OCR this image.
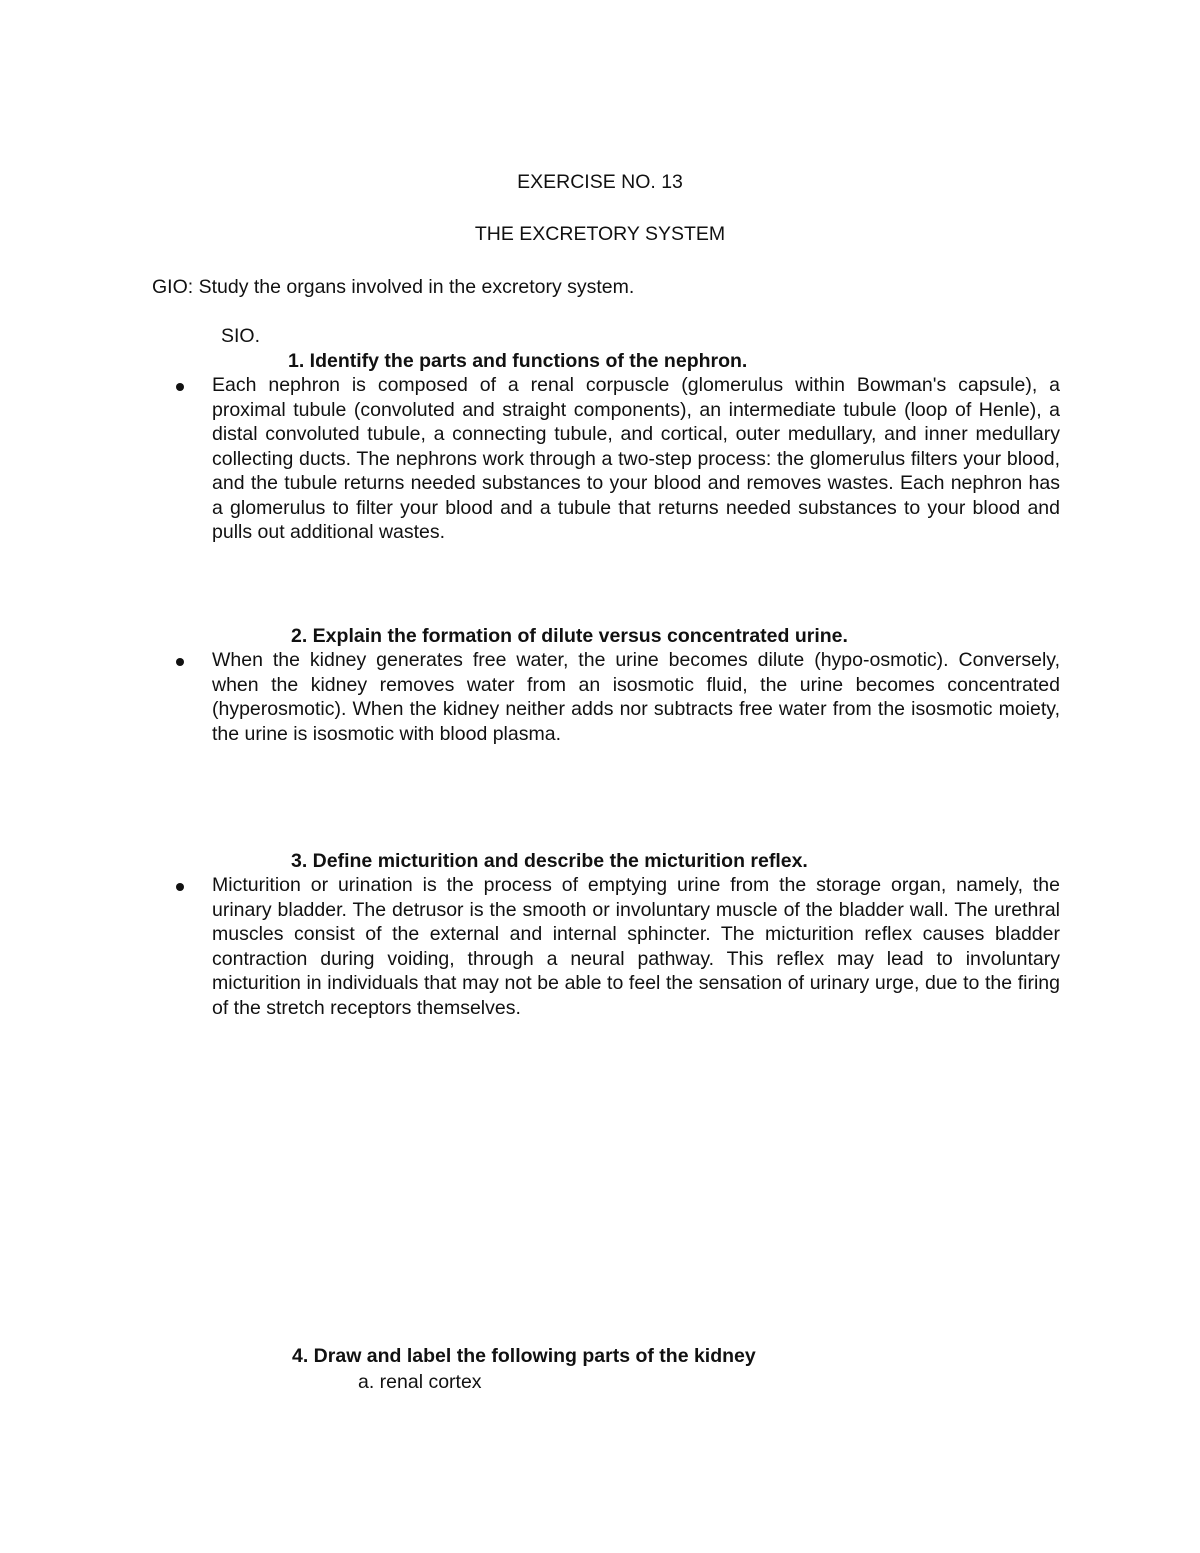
EXERCISE NO. 13
THE EXCRETORY SYSTEM
GIO: Study the organs involved in the excretory system.
SIO.
1. Identify the parts and functions of the nephron.
Each nephron is composed of a renal corpuscle (glomerulus within Bowman's capsule), a proximal tubule (convoluted and straight components), an intermediate tubule (loop of Henle), a distal convoluted tubule, a connecting tubule, and cortical, outer medullary, and inner medullary collecting ducts. The nephrons work through a two-step process: the glomerulus filters your blood, and the tubule returns needed substances to your blood and removes wastes. Each nephron has a glomerulus to filter your blood and a tubule that returns needed substances to your blood and pulls out additional wastes.
2. Explain the formation of dilute versus concentrated urine.
When the kidney generates free water, the urine becomes dilute (hypo-osmotic). Conversely, when the kidney removes water from an isosmotic fluid, the urine becomes concentrated (hyperosmotic). When the kidney neither adds nor subtracts free water from the isosmotic moiety, the urine is isosmotic with blood plasma.
3. Define micturition and describe the micturition reflex.
Micturition or urination is the process of emptying urine from the storage organ, namely, the urinary bladder. The detrusor is the smooth or involuntary muscle of the bladder wall. The urethral muscles consist of the external and internal sphincter. The micturition reflex causes bladder contraction during voiding, through a neural pathway. This reflex may lead to involuntary micturition in individuals that may not be able to feel the sensation of urinary urge, due to the firing of the stretch receptors themselves.
4. Draw and label the following parts of the kidney
a. renal cortex
